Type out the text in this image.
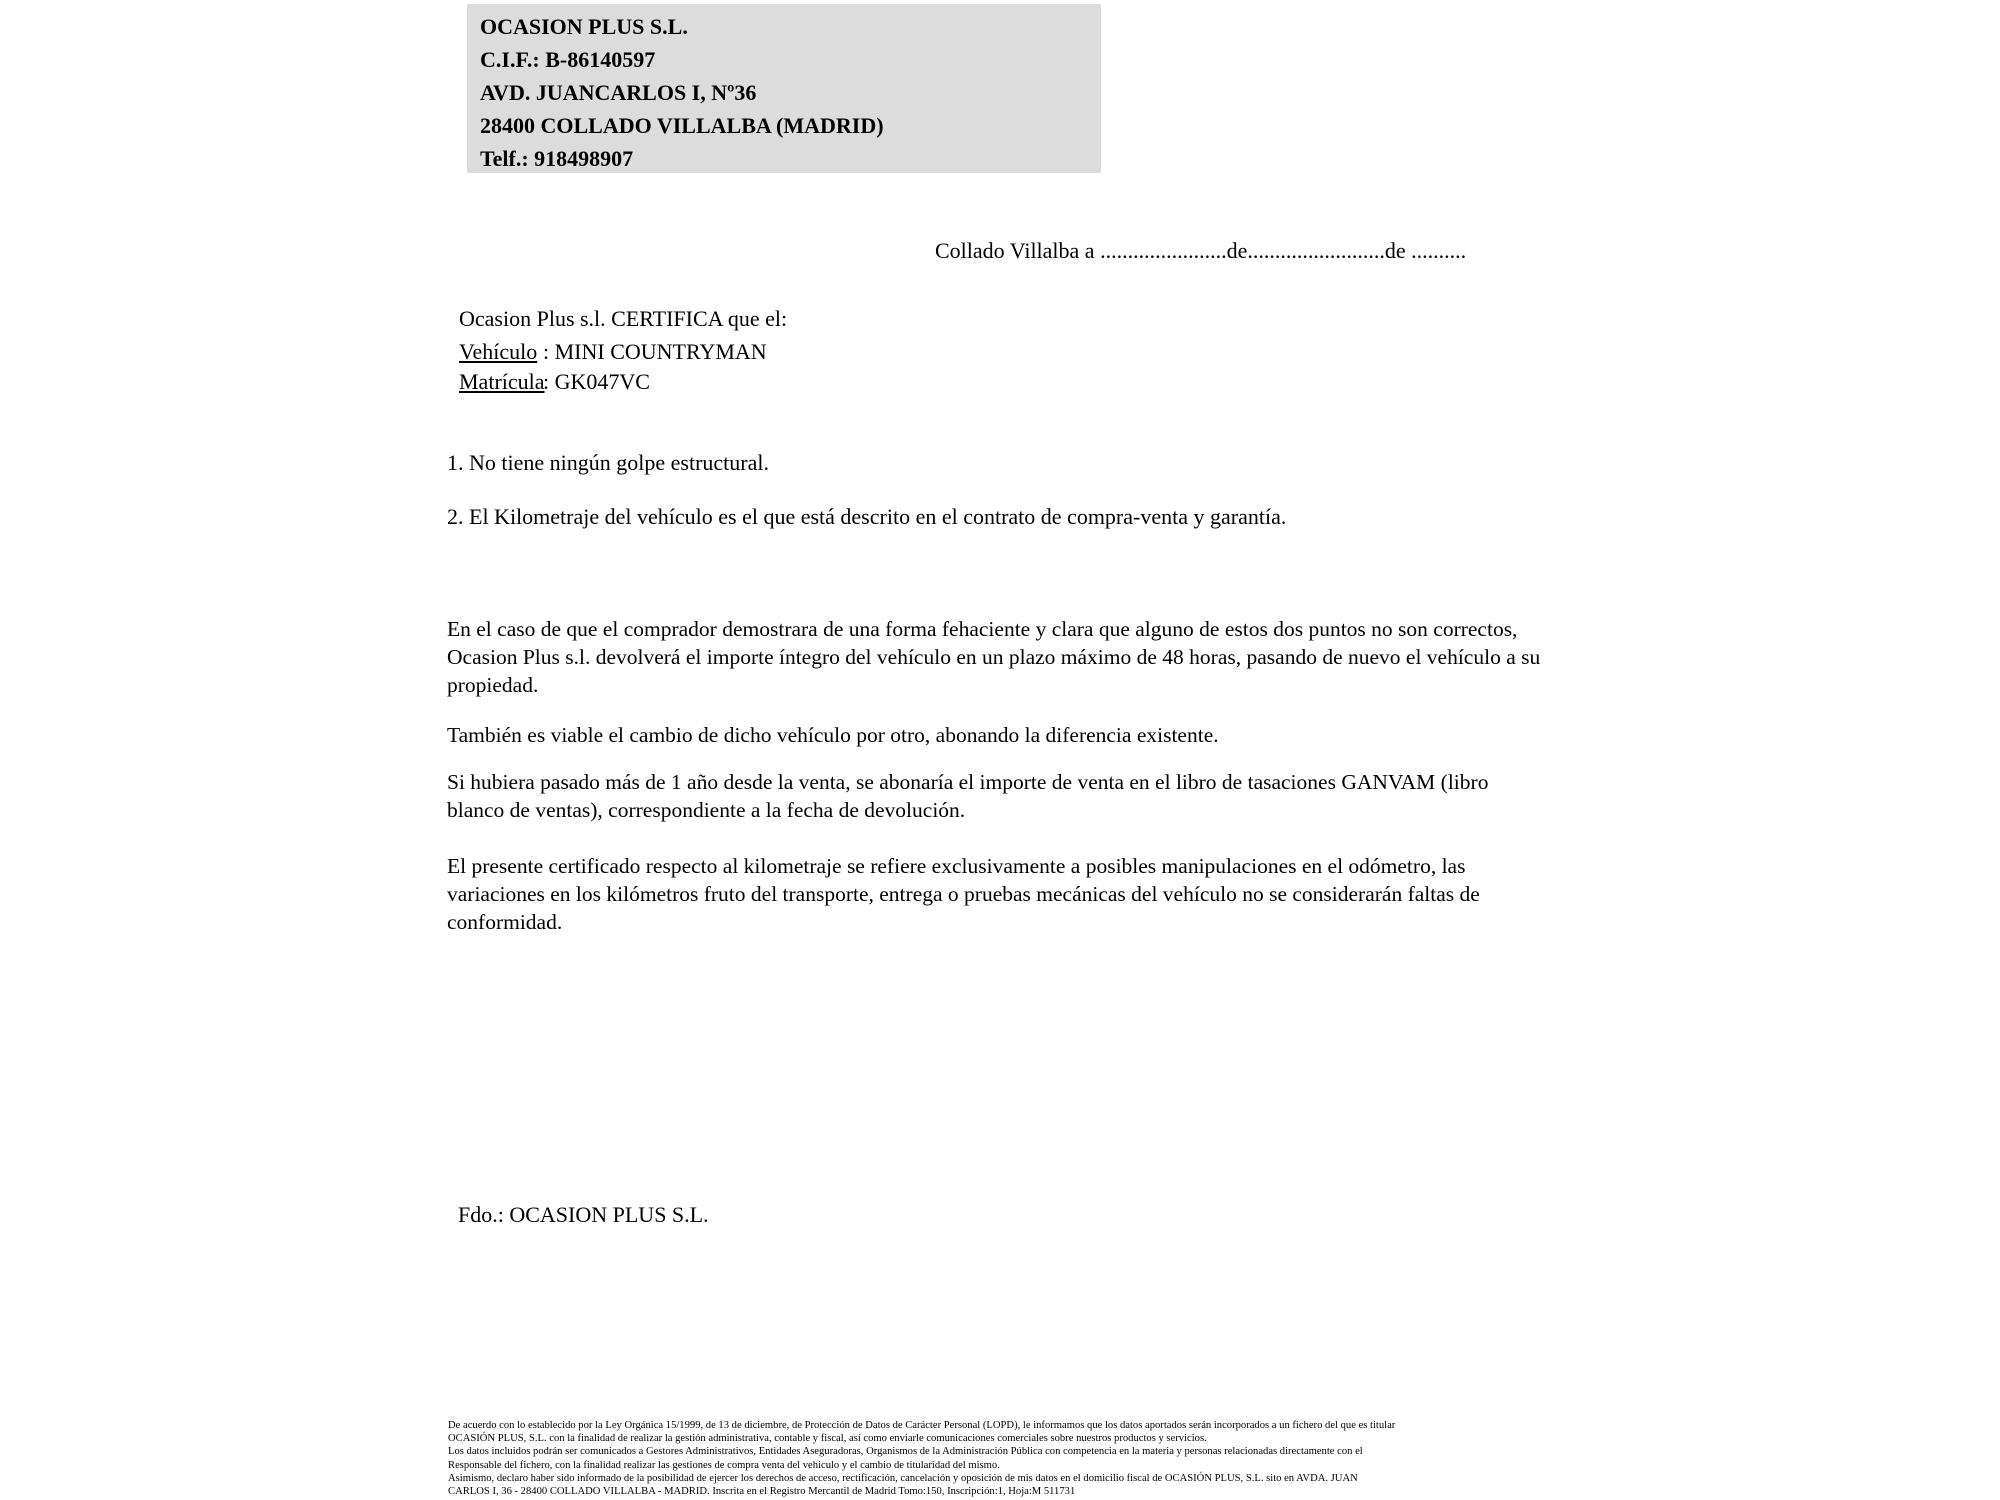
OCASION PLUS S.L.
C.I.F.: B-86140597
AVD. JUANCARLOS I, Nº36
28400 COLLADO VILLALBA (MADRID)
Telf.: 918498907
Collado Villalba a .......................de.........................de ..........
Ocasion Plus s.l. CERTIFICA que el:
Vehículo : MINI COUNTRYMAN
Matrícula: GK047VC
1. No tiene ningún golpe estructural.
2. El Kilometraje del vehículo es el que está descrito en el contrato de compra-venta y garantía.
En el caso de que el comprador demostrara de una forma fehaciente y clara que alguno de estos dos puntos no son correctos, Ocasion Plus s.l. devolverá el importe íntegro del vehículo en un plazo máximo de 48 horas, pasando de nuevo el vehículo a su propiedad.
También es viable el cambio de dicho vehículo por otro, abonando la diferencia existente.
Si hubiera pasado más de 1 año desde la venta, se abonaría el importe de venta en el libro de tasaciones GANVAM (libro blanco de ventas), correspondiente a la fecha de devolución.
El presente certificado respecto al kilometraje se refiere exclusivamente a posibles manipulaciones en el odómetro, las variaciones en los kilómetros fruto del transporte, entrega o pruebas mecánicas del vehículo no se considerarán faltas de conformidad.
Fdo.: OCASION PLUS S.L.
De acuerdo con lo establecido por la Ley Orgánica 15/1999, de 13 de diciembre, de Protección de Datos de Carácter Personal (LOPD), le informamos que los datos aportados serán incorporados a un fichero del que es titular
OCASIÓN PLUS, S.L. con la finalidad de realizar la gestión administrativa, contable y fiscal, así como enviarle comunicaciones comerciales sobre nuestros productos y servicios.
Los datos incluidos podrán ser comunicados a Gestores Administrativos, Entidades Aseguradoras, Organismos de la Administración Pública con competencia en la materia y personas relacionadas directamente con el
Responsable del fichero, con la finalidad realizar las gestiones de compra venta del vehiculo y el cambio de titularidad del mismo.
Asimismo, declaro haber sido informado de la posibilidad de ejercer los derechos de acceso, rectificación, cancelación y oposición de mis datos en el domicilio fiscal de OCASIÓN PLUS, S.L. sito en AVDA. JUAN
CARLOS I, 36 - 28400 COLLADO VILLALBA - MADRID. Inscrita en el Registro Mercantil de Madrid Tomo:150, Inscripción:1, Hoja:M 511731
